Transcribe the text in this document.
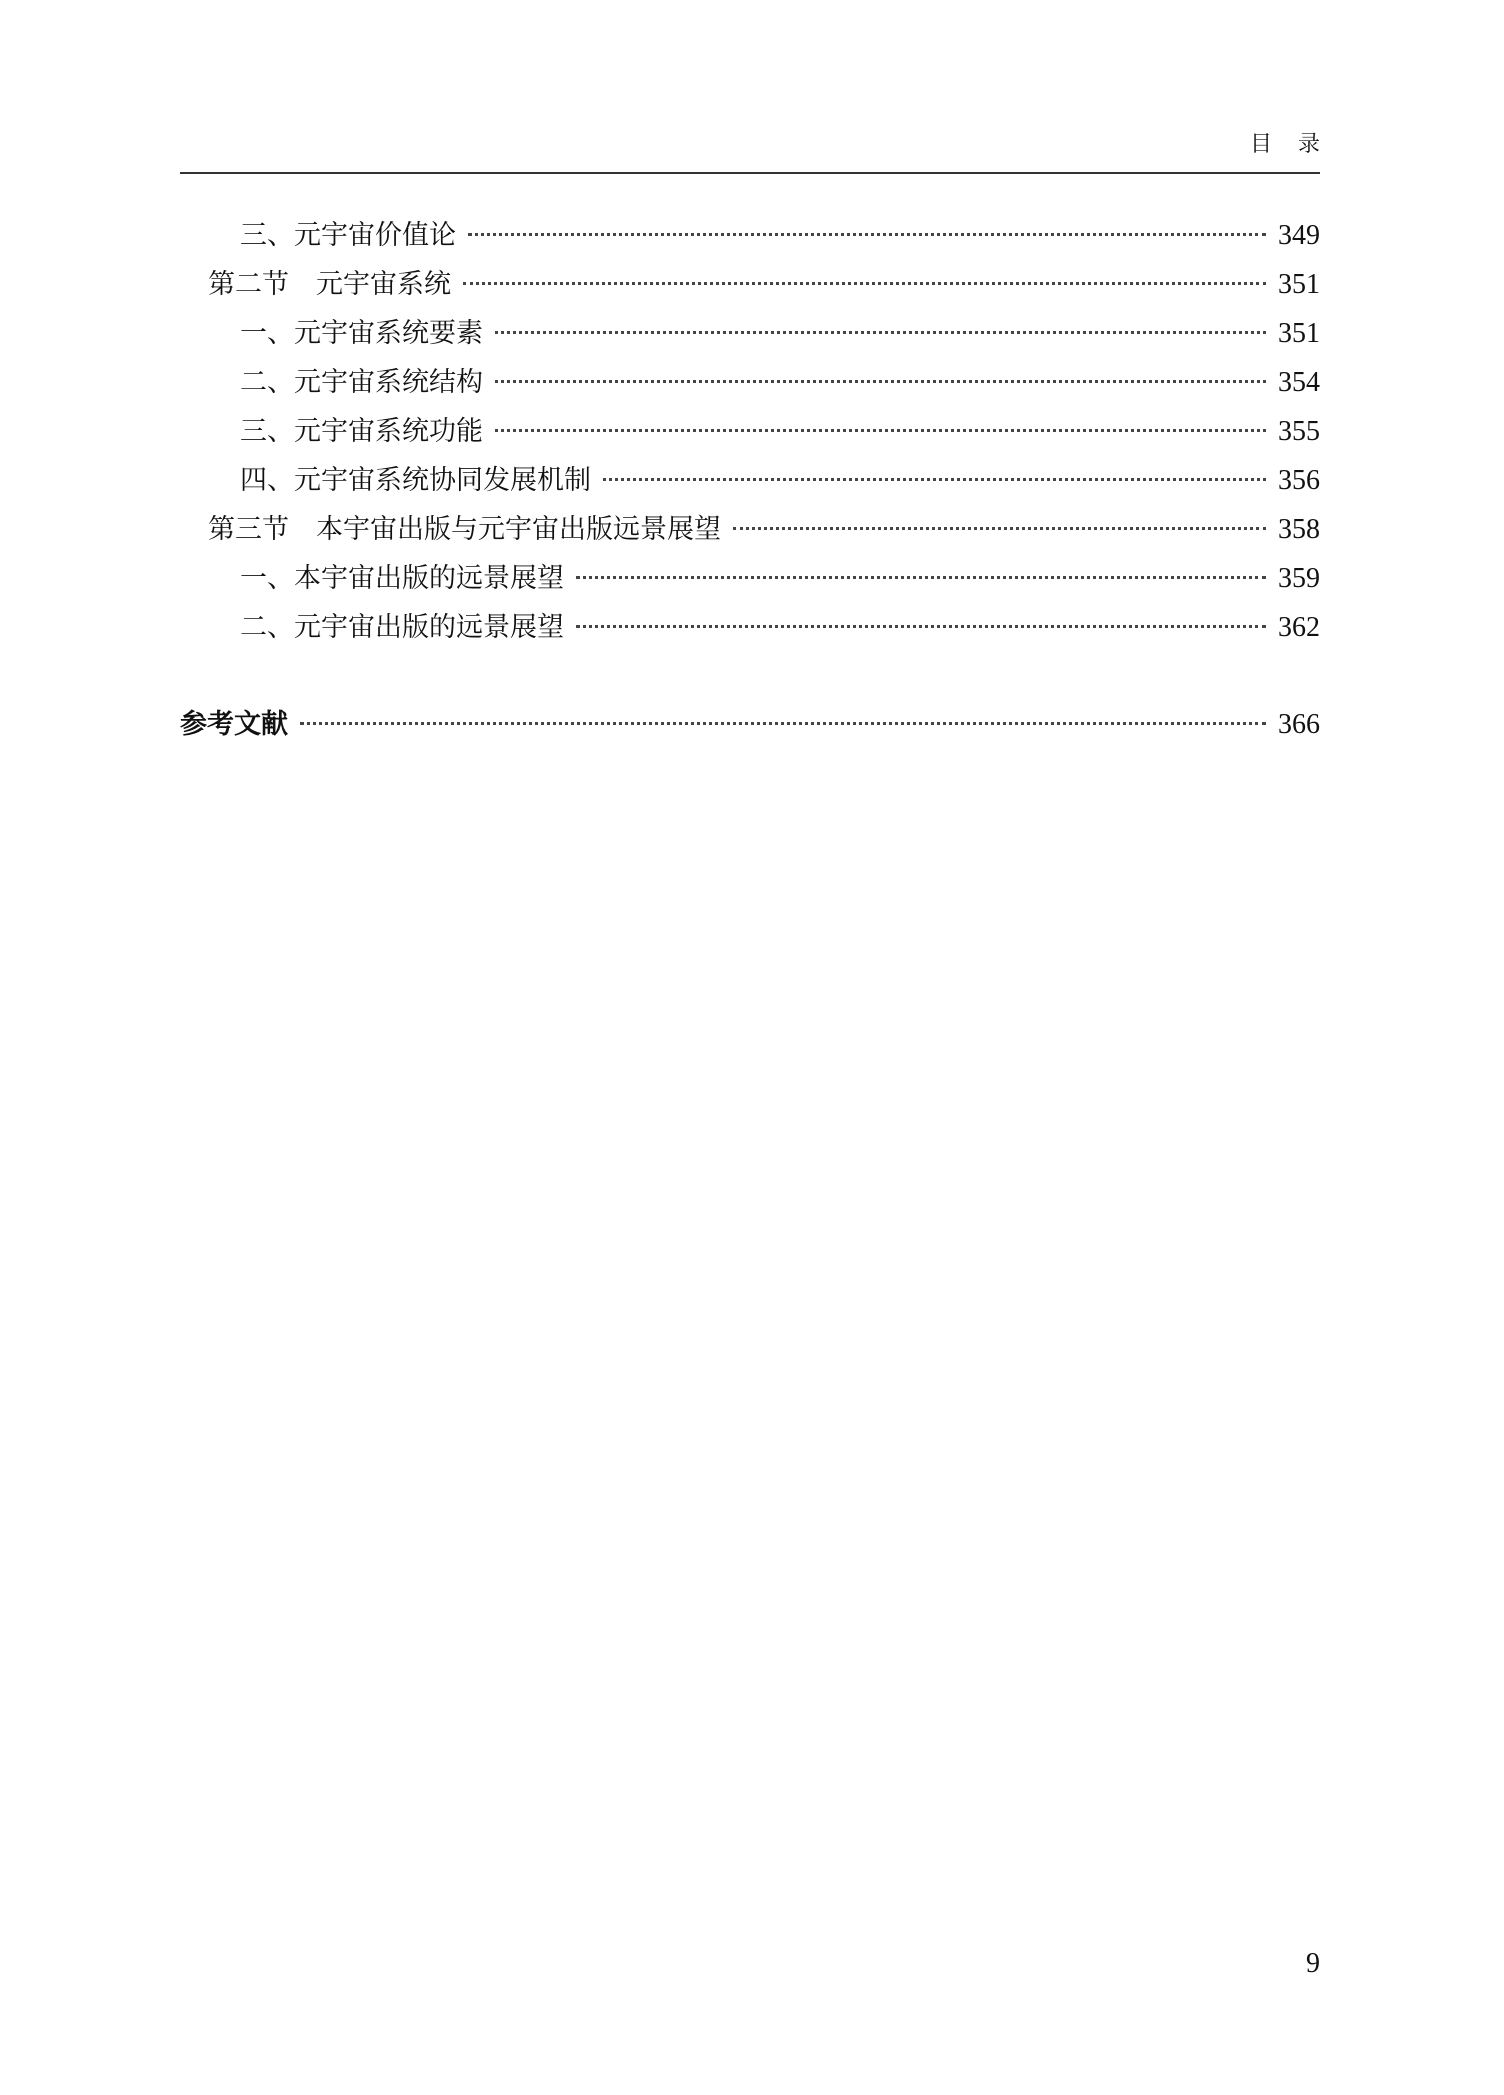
目录
三、元宇宙价值论	349
第二节　元宇宙系统	351
一、元宇宙系统要素	351
二、元宇宙系统结构	354
三、元宇宙系统功能	355
四、元宇宙系统协同发展机制	356
第三节　本宇宙出版与元宇宙出版远景展望	358
一、本宇宙出版的远景展望	359
二、元宇宙出版的远景展望	362
参考文献	366
9
